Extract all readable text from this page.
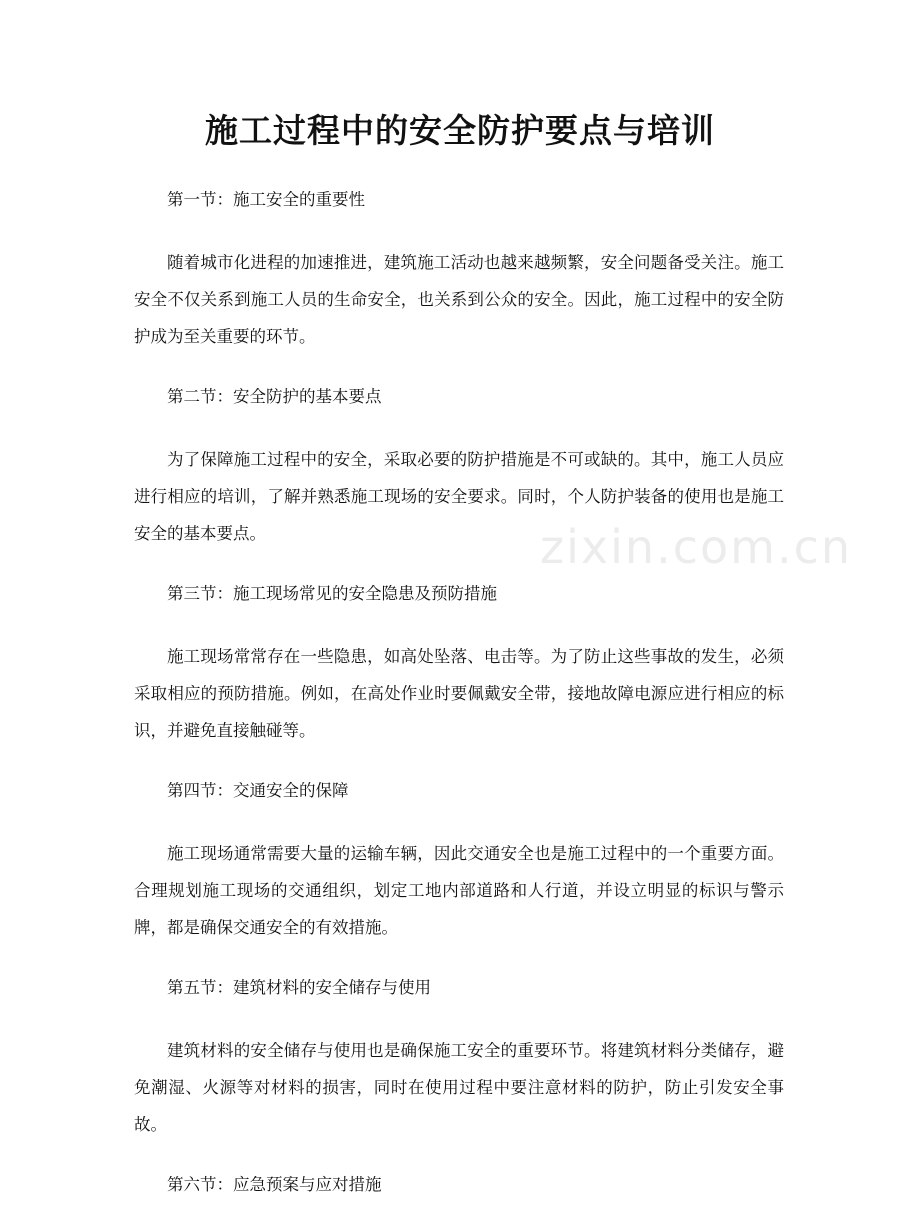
zixin.com.cn
施工过程中的安全防护要点与培训

第一节：施工安全的重要性

随着城市化进程的加速推进，建筑施工活动也越来越频繁，安全问题备受关注。施工安全不仅关系到施工人员的生命安全，也关系到公众的安全。因此，施工过程中的安全防护成为至关重要的环节。

第二节：安全防护的基本要点

为了保障施工过程中的安全，采取必要的防护措施是不可或缺的。其中，施工人员应进行相应的培训，了解并熟悉施工现场的安全要求。同时，个人防护装备的使用也是施工安全的基本要点。

第三节：施工现场常见的安全隐患及预防措施

施工现场常常存在一些隐患，如高处坠落、电击等。为了防止这些事故的发生，必须采取相应的预防措施。例如，在高处作业时要佩戴安全带，接地故障电源应进行相应的标识，并避免直接触碰等。

第四节：交通安全的保障

施工现场通常需要大量的运输车辆，因此交通安全也是施工过程中的一个重要方面。合理规划施工现场的交通组织，划定工地内部道路和人行道，并设立明显的标识与警示牌，都是确保交通安全的有效措施。

第五节：建筑材料的安全储存与使用

建筑材料的安全储存与使用也是确保施工安全的重要环节。将建筑材料分类储存，避免潮湿、火源等对材料的损害，同时在使用过程中要注意材料的防护，防止引发安全事故。

第六节：应急预案与应对措施
